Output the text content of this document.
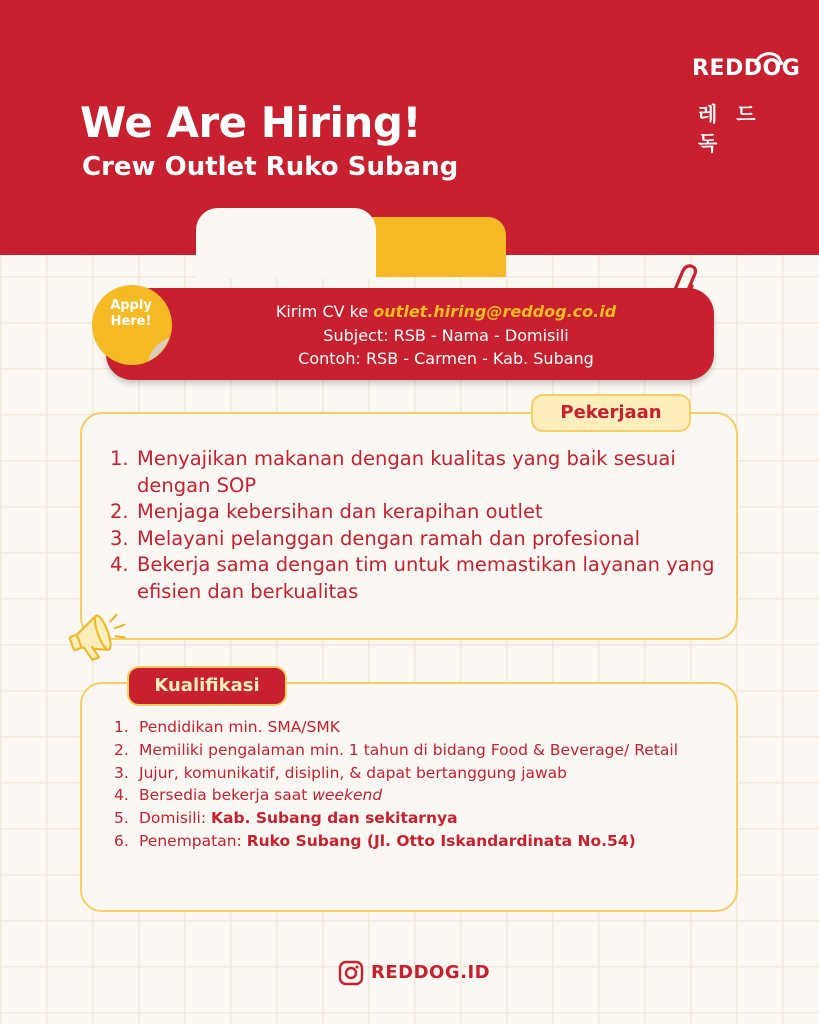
We Are Hiring!
Crew Outlet Ruko Subang
REDDOG
레 드 독
Kirim CV ke outlet.hiring@reddog.co.id
Subject: RSB - Nama - Domisili
Contoh: RSB - Carmen - Kab. Subang
Apply
Here!
Pekerjaan
1. Menyajikan makanan dengan kualitas yang baik sesuai dengan SOP
2. Menjaga kebersihan dan kerapihan outlet
3. Melayani pelanggan dengan ramah dan profesional
4. Bekerja sama dengan tim untuk memastikan layanan yang efisien dan berkualitas
Kualifikasi
1. Pendidikan min. SMA/SMK
2. Memiliki pengalaman min. 1 tahun di bidang Food & Beverage/ Retail
3. Jujur, komunikatif, disiplin, & dapat bertanggung jawab
4. Bersedia bekerja saat weekend
5. Domisili: Kab. Subang dan sekitarnya
6. Penempatan: Ruko Subang (Jl. Otto Iskandardinata No.54)
REDDOG.ID
